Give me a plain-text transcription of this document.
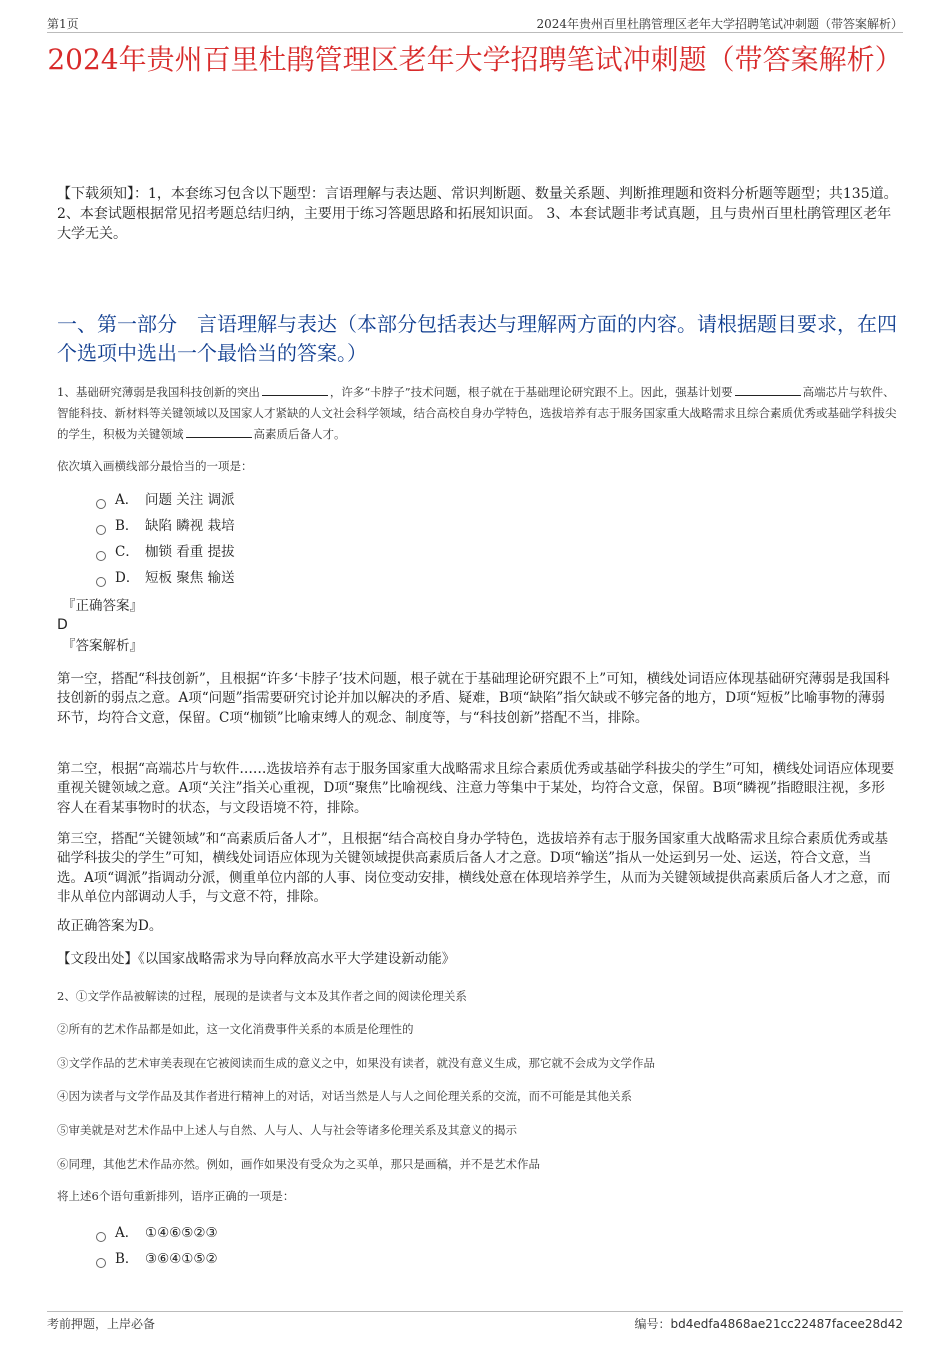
第1页	2024年贵州百里杜鹃管理区老年大学招聘笔试冲刺题（带答案解析）
2024年贵州百里杜鹃管理区老年大学招聘笔试冲刺题（带答案解析）
【下载须知】：1，本套练习包含以下题型：言语理解与表达题、常识判断题、数量关系题、判断推理题和资料分析题等题型；共135道。 2、本套试题根据常见招考题总结归纳，主要用于练习答题思路和拓展知识面。 3、本套试题非考试真题，且与贵州百里杜鹃管理区老年大学无关。
一、第一部分　言语理解与表达（本部分包括表达与理解两方面的内容。请根据题目要求，在四个选项中选出一个最恰当的答案。）
1、基础研究薄弱是我国科技创新的突出	，许多“卡脖子”技术问题，根子就在于基础理论研究跟不上。因此，强基计划要	高端芯片与软件、智能科技、新材料等关键领域以及国家人才紧缺的人文社会科学领域，结合高校自身办学特色，选拔培养有志于服务国家重大战略需求且综合素质优秀或基础学科拔尖的学生，积极为关键领域	高素质后备人才。
依次填入画横线部分最恰当的一项是：
A． 问题 关注 调派
B． 缺陷 瞵视 栽培
C． 枷锁 看重 提拔
D． 短板 聚焦 输送
『正确答案』
D
『答案解析』
第一空，搭配“科技创新”，且根据“许多‘卡脖子’技术问题，根子就在于基础理论研究跟不上”可知，横线处词语应体现基础研究薄弱是我国科技创新的弱点之意。A项“问题”指需要研究讨论并加以解决的矛盾、疑难，B项“缺陷”指欠缺或不够完备的地方，D项“短板”比喻事物的薄弱环节，均符合文意，保留。C项“枷锁”比喻束缚人的观念、制度等，与“科技创新”搭配不当，排除。
第二空，根据“高端芯片与软件……选拔培养有志于服务国家重大战略需求且综合素质优秀或基础学科拔尖的学生”可知，横线处词语应体现要重视关键领域之意。A项“关注”指关心重视，D项“聚焦”比喻视线、注意力等集中于某处，均符合文意，保留。B项“瞵视”指瞪眼注视，多形容人在看某事物时的状态，与文段语境不符，排除。
第三空，搭配“关键领域”和“高素质后备人才”，且根据“结合高校自身办学特色，选拔培养有志于服务国家重大战略需求且综合素质优秀或基础学科拔尖的学生”可知，横线处词语应体现为关键领域提供高素质后备人才之意。D项“输送”指从一处运到另一处、运送，符合文意，当选。A项“调派”指调动分派，侧重单位内部的人事、岗位变动安排，横线处意在体现培养学生，从而为关键领域提供高素质后备人才之意，而非从单位内部调动人手，与文意不符，排除。
故正确答案为D。
【文段出处】《以国家战略需求为导向释放高水平大学建设新动能》
2、①文学作品被解读的过程，展现的是读者与文本及其作者之间的阅读伦理关系
②所有的艺术作品都是如此，这一文化消费事件关系的本质是伦理性的
③文学作品的艺术审美表现在它被阅读而生成的意义之中，如果没有读者，就没有意义生成，那它就不会成为文学作品
④因为读者与文学作品及其作者进行精神上的对话，对话当然是人与人之间伦理关系的交流，而不可能是其他关系
⑤审美就是对艺术作品中上述人与自然、人与人、人与社会等诸多伦理关系及其意义的揭示
⑥同理，其他艺术作品亦然。例如，画作如果没有受众为之买单，那只是画稿，并不是艺术作品
将上述6个语句重新排列，语序正确的一项是：
A． ①④⑥⑤②③
B． ③⑥④①⑤②
考前押题，上岸必备	编号：bd4edfa4868ae21cc22487facee28d42
